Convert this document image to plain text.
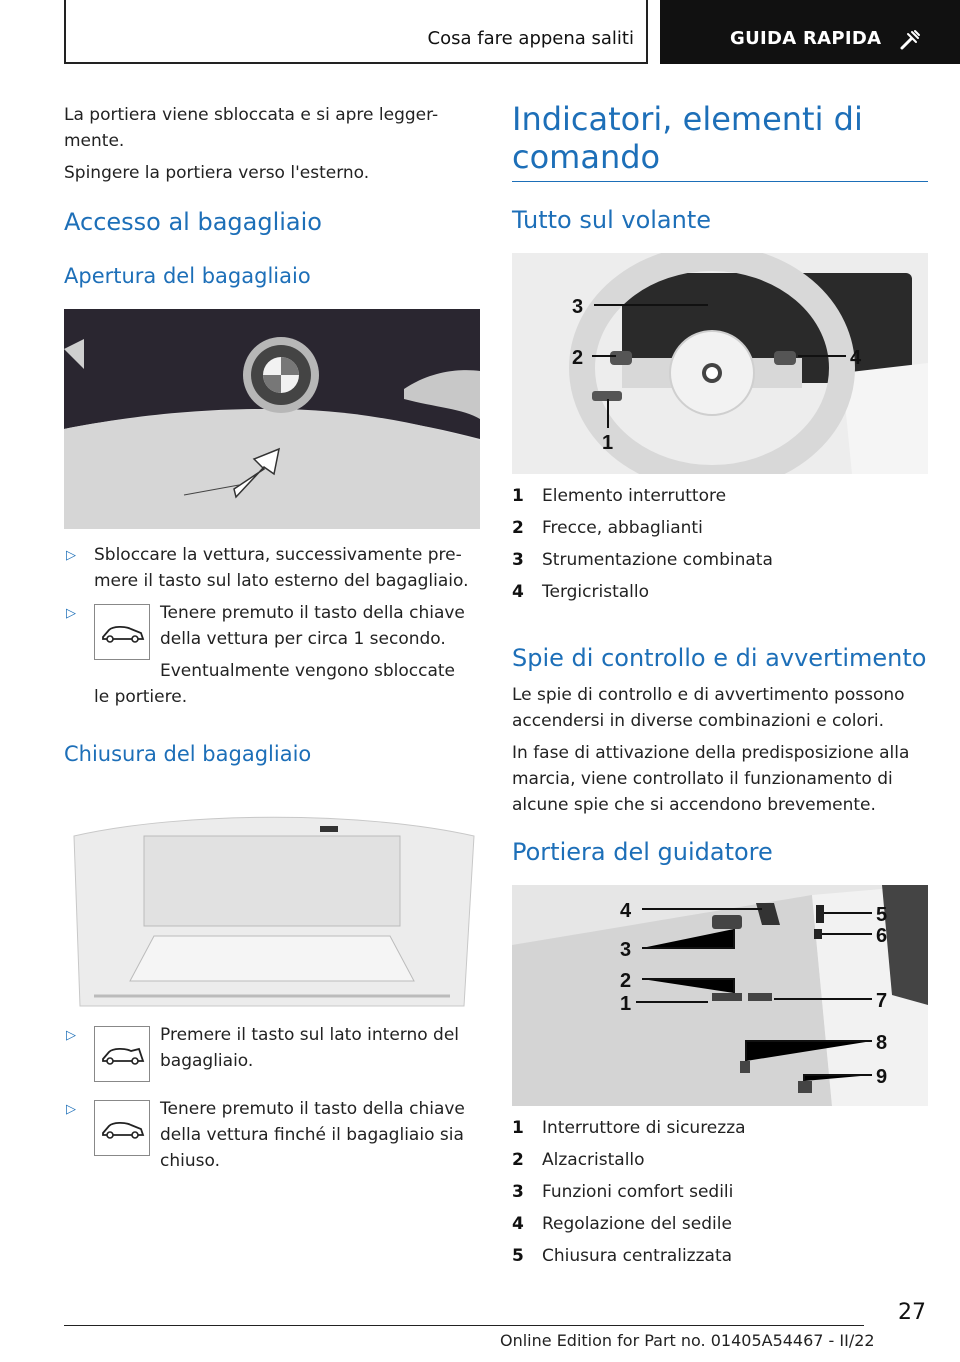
Cosa fare appena saliti	GUIDA RAPIDA

La portiera viene sbloccata e si apre legger-

mente.

Spingere la portiera verso l'esterno.

Accesso al bagagliaio
Apertura del bagagliaio
▷ Sbloccare la vettura, successivamente pre-

mere il tasto sul lato esterno del bagagliaio.

▷	Tenere premuto il tasto della chiave

della vettura per circa 1 secondo.

Eventualmente vengono sbloccate

le portiere.

Chiusura del bagagliaio
▷	Premere il tasto sul lato interno del

bagagliaio.

▷	Tenere premuto il tasto della chiave

della vettura finché il bagagliaio sia

chiuso.

Indicatori, elementi di
comando
Tutto sul volante
3
2	4
1
1 Elemento interruttore
2 Frecce, abbaglianti
3 Strumentazione combinata
4 Tergicristallo
Spie di controllo e di avvertimento

Le spie di controllo e di avvertimento possono

accendersi in diverse combinazioni e colori.

In fase di attivazione della predisposizione alla

marcia, viene controllato il funzionamento di

alcune spie che si accendono brevemente.

Portiera del guidatore
4
3
2
1
5
6
7
8
9
1 Interruttore di sicurezza
2 Alzacristallo
3 Funzioni comfort sedili
4 Regolazione del sedile
5 Chiusura centralizzata
27
Online Edition for Part no. 01405A54467 - II/22
